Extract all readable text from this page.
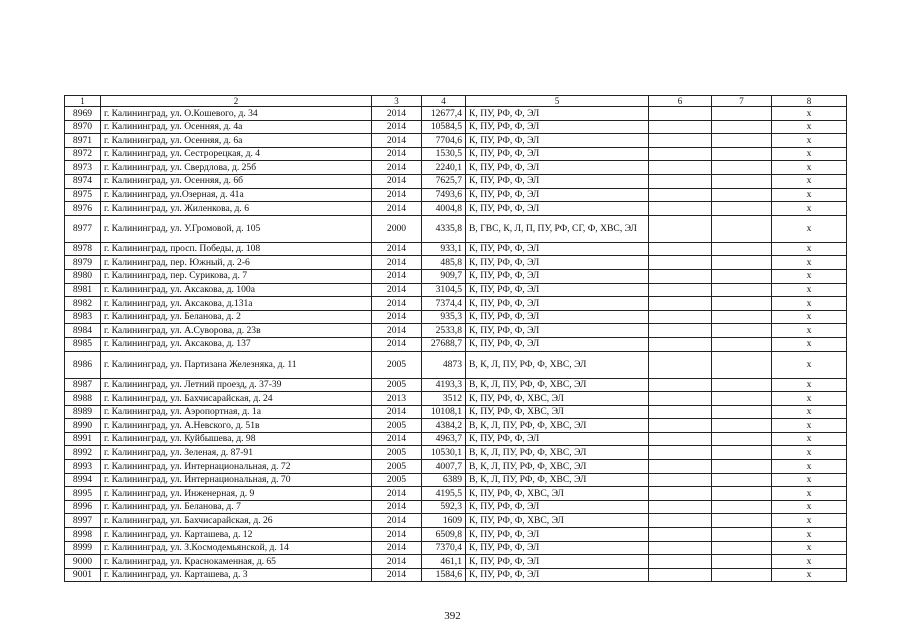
1	2	3	4	5	6	7	8
8969	г. Калининград, ул. О.Кошевого, д. 34	2014	12677,4	К, ПУ, РФ, Ф, ЭЛ			х
8970	г. Калининград, ул. Осенняя, д. 4а	2014	10584,5	К, ПУ, РФ, Ф, ЭЛ			х
8971	г. Калининград, ул. Осенняя, д. 6а	2014	7704,6	К, ПУ, РФ, Ф, ЭЛ			х
8972	г. Калининград, ул. Сестрорецкая, д. 4	2014	1530,5	К, ПУ, РФ, Ф, ЭЛ			х
8973	г. Калининград, ул. Свердлова, д. 25б	2014	2240,1	К, ПУ, РФ, Ф, ЭЛ			х
8974	г. Калининград, ул. Осенняя, д. 6б	2014	7625,7	К, ПУ, РФ, Ф, ЭЛ			х
8975	г. Калининград, ул.Озерная, д. 41а	2014	7493,6	К, ПУ, РФ, Ф, ЭЛ			х
8976	г. Калининград, ул. Жиленкова, д. 6	2014	4004,8	К, ПУ, РФ, Ф, ЭЛ			х
8977	г. Калининград, ул. У.Громовой, д. 105	2000	4335,8	В, ГВС, К, Л, П, ПУ, РФ, СГ, Ф, ХВС, ЭЛ			х
8978	г. Калининград, просп. Победы, д. 108	2014	933,1	К, ПУ, РФ, Ф, ЭЛ			х
8979	г. Калининград, пер. Южный, д. 2-6	2014	485,8	К, ПУ, РФ, Ф, ЭЛ			х
8980	г. Калининград, пер. Сурикова, д. 7	2014	909,7	К, ПУ, РФ, Ф, ЭЛ			х
8981	г. Калининград, ул. Аксакова, д. 100а	2014	3104,5	К, ПУ, РФ, Ф, ЭЛ			х
8982	г. Калининград, ул. Аксакова, д.131а	2014	7374,4	К, ПУ, РФ, Ф, ЭЛ			х
8983	г. Калининград, ул. Беланова, д. 2	2014	935,3	К, ПУ, РФ, Ф, ЭЛ			х
8984	г. Калининград, ул. А.Суворова, д. 23в	2014	2533,8	К, ПУ, РФ, Ф, ЭЛ			х
8985	г. Калининград, ул. Аксакова, д. 137	2014	27688,7	К, ПУ, РФ, Ф, ЭЛ			х
8986	г. Калининград, ул. Партизана Железняка, д. 11	2005	4873	В, К, Л, ПУ, РФ, Ф, ХВС, ЭЛ			х
8987	г. Калининград, ул. Летний проезд, д. 37-39	2005	4193,3	В, К, Л, ПУ, РФ, Ф, ХВС, ЭЛ			х
8988	г. Калининград, ул. Бахчисарайская, д. 24	2013	3512	К, ПУ, РФ, Ф, ХВС, ЭЛ			х
8989	г. Калининград, ул. Аэропортная, д. 1а	2014	10108,1	К, ПУ, РФ, Ф, ХВС, ЭЛ			х
8990	г. Калининград, ул. А.Невского, д. 51в	2005	4384,2	В, К, Л, ПУ, РФ, Ф, ХВС, ЭЛ			х
8991	г. Калининград, ул. Куйбышева, д. 98	2014	4963,7	К, ПУ, РФ, Ф, ЭЛ			х
8992	г. Калининград, ул. Зеленая, д. 87-91	2005	10530,1	В, К, Л, ПУ, РФ, Ф, ХВС, ЭЛ			х
8993	г. Калининград, ул. Интернациональная, д. 72	2005	4007,7	В, К, Л, ПУ, РФ, Ф, ХВС, ЭЛ			х
8994	г. Калининград, ул. Интернациональная, д. 70	2005	6389	В, К, Л, ПУ, РФ, Ф, ХВС, ЭЛ			х
8995	г. Калининград, ул. Инженерная, д. 9	2014	4195,5	К, ПУ, РФ, Ф, ХВС, ЭЛ			х
8996	г. Калининград, ул. Беланова, д. 7	2014	592,3	К, ПУ, РФ, Ф, ЭЛ			х
8997	г. Калининград, ул. Бахчисарайская, д. 26	2014	1609	К, ПУ, РФ, Ф, ХВС, ЭЛ			х
8998	г. Калининград, ул. Карташева, д. 12	2014	6509,8	К, ПУ, РФ, Ф, ЭЛ			х
8999	г. Калининград, ул. З.Космодемьянской, д. 14	2014	7370,4	К, ПУ, РФ, Ф, ЭЛ			х
9000	г. Калининград, ул. Краснокаменная, д. 65	2014	461,1	К, ПУ, РФ, Ф, ЭЛ			х
9001	г. Калининград, ул. Карташева, д. 3	2014	1584,6	К, ПУ, РФ, Ф, ЭЛ			х
392
